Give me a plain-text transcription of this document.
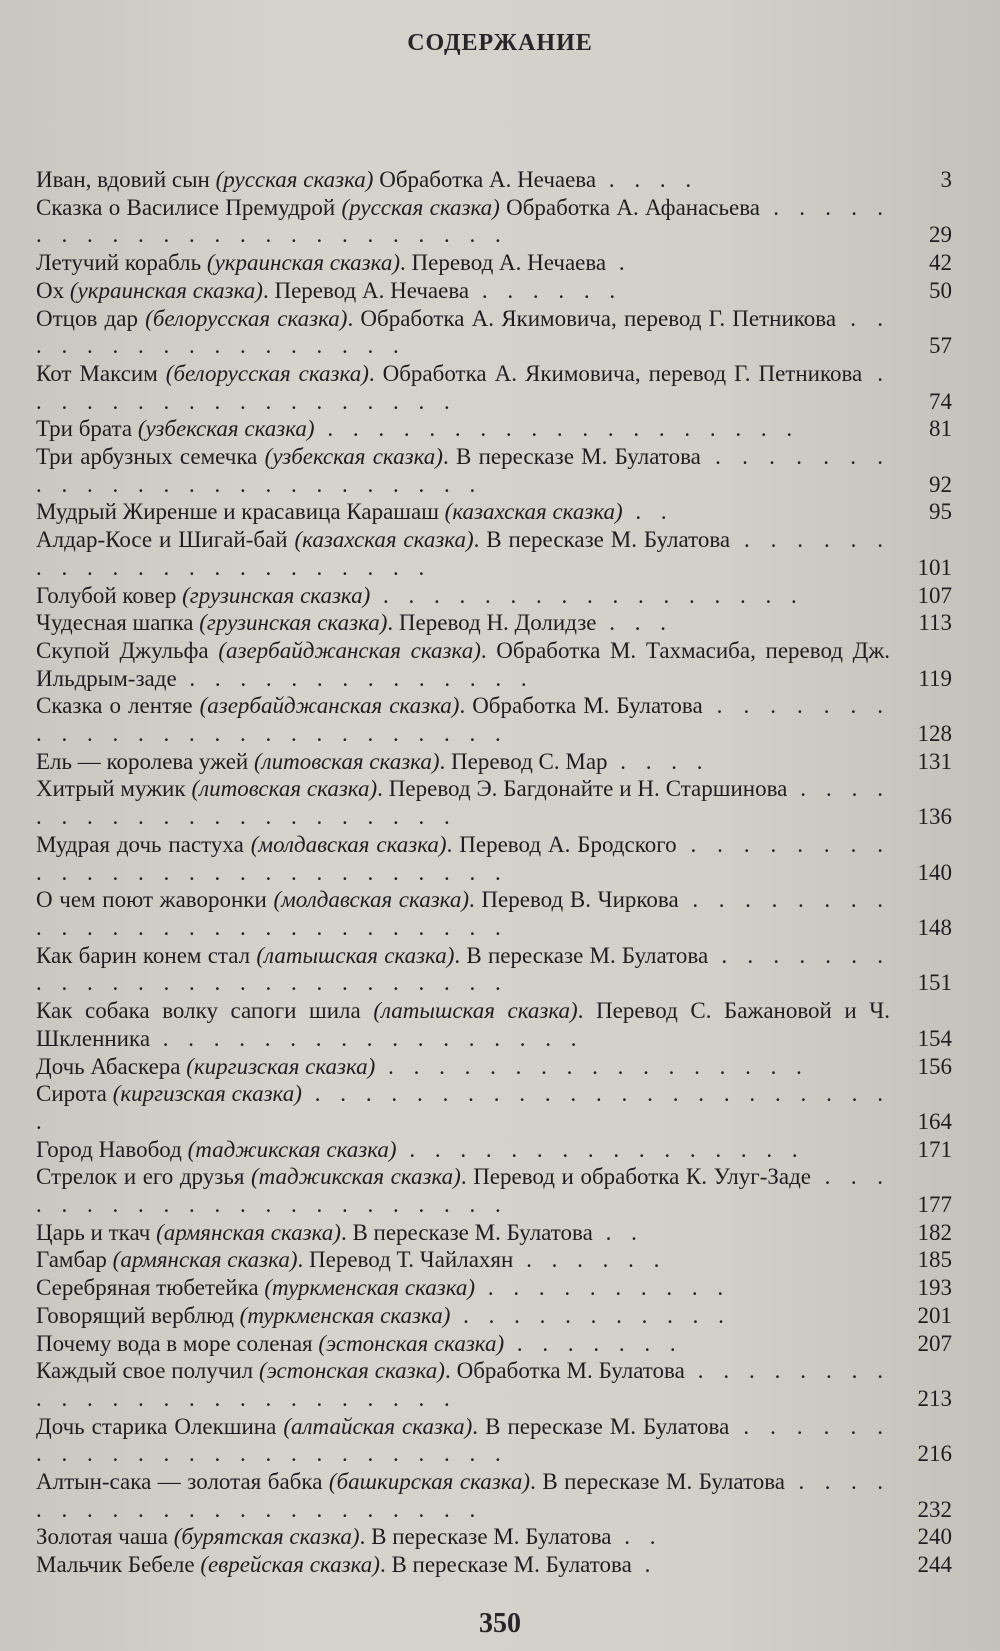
СОДЕРЖАНИЕ
Иван, вдовий сын (русская сказка) Обработка А. Нечаева . . . .	3
Сказка о Василисе Премудрой (русская сказка) Обработка А. Афанасьева . . . . . . . . . . . . . . . . . . . . . . . .	29
Летучий корабль (украинская сказка). Перевод А. Нечаева .	42
Ох (украинская сказка). Перевод А. Нечаева . . . . . .	50
Отцов дар (белорусская сказка). Обработка А. Якимовича, перевод Г. Петникова . . . . . . . . . . . . . . . . .	57
Кот Максим (белорусская сказка). Обработка А. Якимовича, перевод Г. Петникова . . . . . . . . . . . . . . . . . .	74
Три брата (узбекская сказка) . . . . . . . . . . . . . . . . . . .	81
Три арбузных семечка (узбекская сказка). В пересказе М. Булатова . . . . . . . . . . . . . . . . . . . . . . . . .	92
Мудрый Жиренше и красавица Карашаш (казахская сказка) . .	95
Алдар-Косе и Шигай-бай (казахская сказка). В пересказе М. Булатова . . . . . . . . . . . . . . . . . . . . . .	101
Голубой ковер (грузинская сказка) . . . . . . . . . . . . . . . . .	107
Чудесная шапка (грузинская сказка). Перевод Н. Долидзе . . .	113
Скупой Джульфа (азербайджанская сказка). Обработка М. Тахмасиба, перевод Дж. Ильдрым-заде . . . . . . . . . . . . . .	119
Сказка о лентяе (азербайджанская сказка). Обработка М. Булатова . . . . . . . . . . . . . . . . . . . . . . . . . .	128
Ель — королева ужей (литовская сказка). Перевод С. Мар . . . .	131
Хитрый мужик (литовская сказка). Перевод Э. Багдонайте и Н. Старшинова . . . . . . . . . . . . . . . . . . . . .	136
Мудрая дочь пастуха (молдавская сказка). Перевод А. Бродского . . . . . . . . . . . . . . . . . . . . . . . . . . .	140
О чем поют жаворонки (молдавская сказка). Перевод В. Чиркова . . . . . . . . . . . . . . . . . . . . . . . . . . .	148
Как барин конем стал (латышская сказка). В пересказе М. Булатова . . . . . . . . . . . . . . . . . . . . . . . . . .	151
Как собака волку сапоги шила (латышская сказка). Перевод С. Бажановой и Ч. Шкленника . . . . . . . . . . . . . . . . .	154
Дочь Абаскера (киргизская сказка) . . . . . . . . . . . . . . . . .	156
Сирота (киргизская сказка) . . . . . . . . . . . . . . . . . . . . . . . .	164
Город Навобод (таджикская сказка) . . . . . . . . . . . . . . . .	171
Стрелок и его друзья (таджикская сказка). Перевод и обработка К. Улуг-Заде . . . . . . . . . . . . . . . . . . . . . .	177
Царь и ткач (армянская сказка). В пересказе М. Булатова . .	182
Гамбар (армянская сказка). Перевод Т. Чайлахян . . . . . .	185
Серебряная тюбетейка (туркменская сказка) . . . . . . . . . .	193
Говорящий верблюд (туркменская сказка) . . . . . . . . . . .	201
Почему вода в море соленая (эстонская сказка) . . . . . . .	207
Каждый свое получил (эстонская сказка). Обработка М. Булатова . . . . . . . . . . . . . . . . . . . . . . . . .	213
Дочь старика Олекшина (алтайская сказка). В пересказе М. Булатова . . . . . . . . . . . . . . . . . . . . . . . . .	216
Алтын-сака — золотая бабка (башкирская сказка). В пересказе М. Булатова . . . . . . . . . . . . . . . . . . . . . .	232
Золотая чаша (бурятская сказка). В пересказе М. Булатова . .	240
Мальчик Бебеле (еврейская сказка). В пересказе М. Булатова .	244
350
